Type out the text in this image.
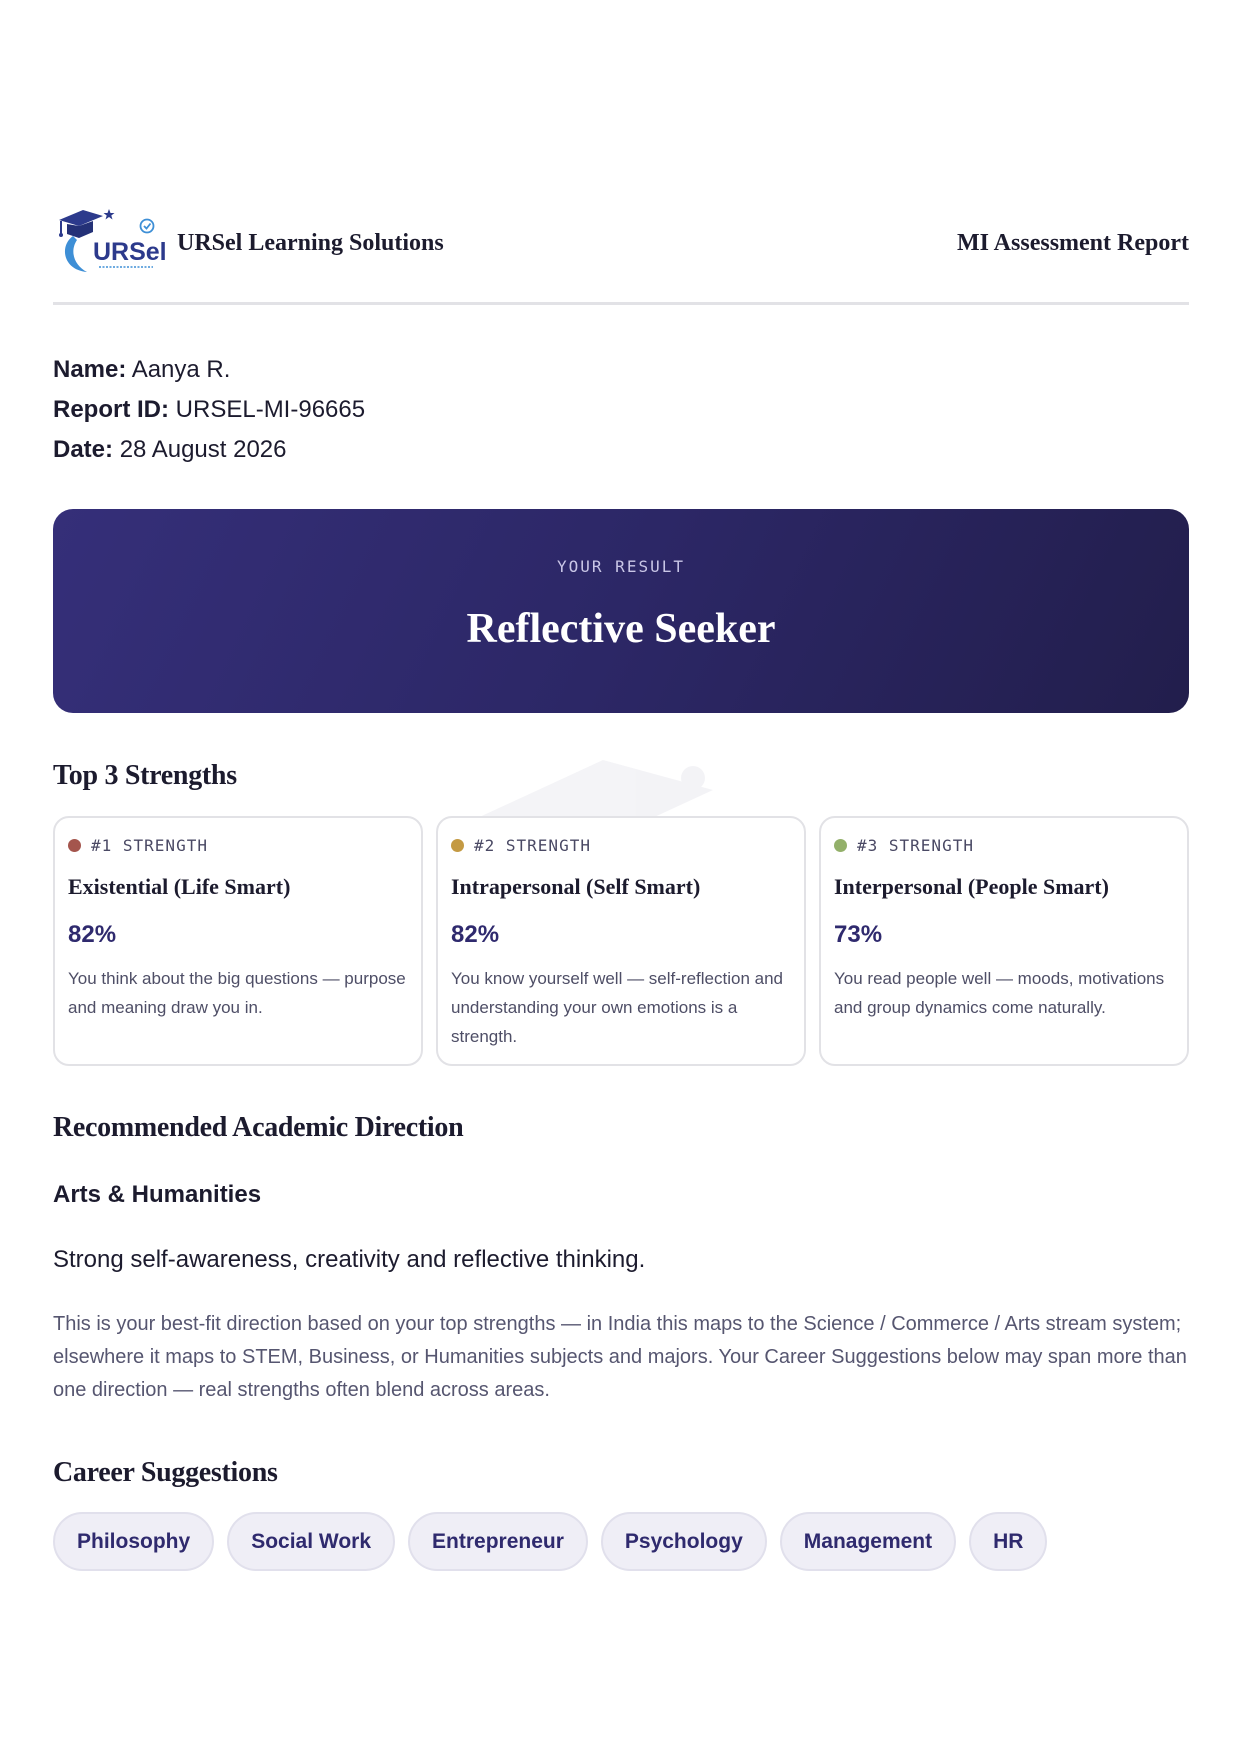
URSel URSel Learning Solutions	MI Assessment Report
Name: Aanya R.
Report ID: URSEL-MI-96665
Date: 28 August 2026
YOUR RESULT
Reflective Seeker
Top 3 Strengths
#1 STRENGTH
Existential (Life Smart)
82%
You think about the big questions — purpose and meaning draw you in.
#2 STRENGTH
Intrapersonal (Self Smart)
82%
You know yourself well — self-reflection and understanding your own emotions is a strength.
#3 STRENGTH
Interpersonal (People Smart)
73%
You read people well — moods, motivations and group dynamics come naturally.
Recommended Academic Direction
Arts & Humanities
Strong self-awareness, creativity and reflective thinking.
This is your best-fit direction based on your top strengths — in India this maps to the Science / Commerce / Arts stream system; elsewhere it maps to STEM, Business, or Humanities subjects and majors. Your Career Suggestions below may span more than one direction — real strengths often blend across areas.
Career Suggestions
Philosophy	Social Work	Entrepreneur	Psychology	Management	HR
